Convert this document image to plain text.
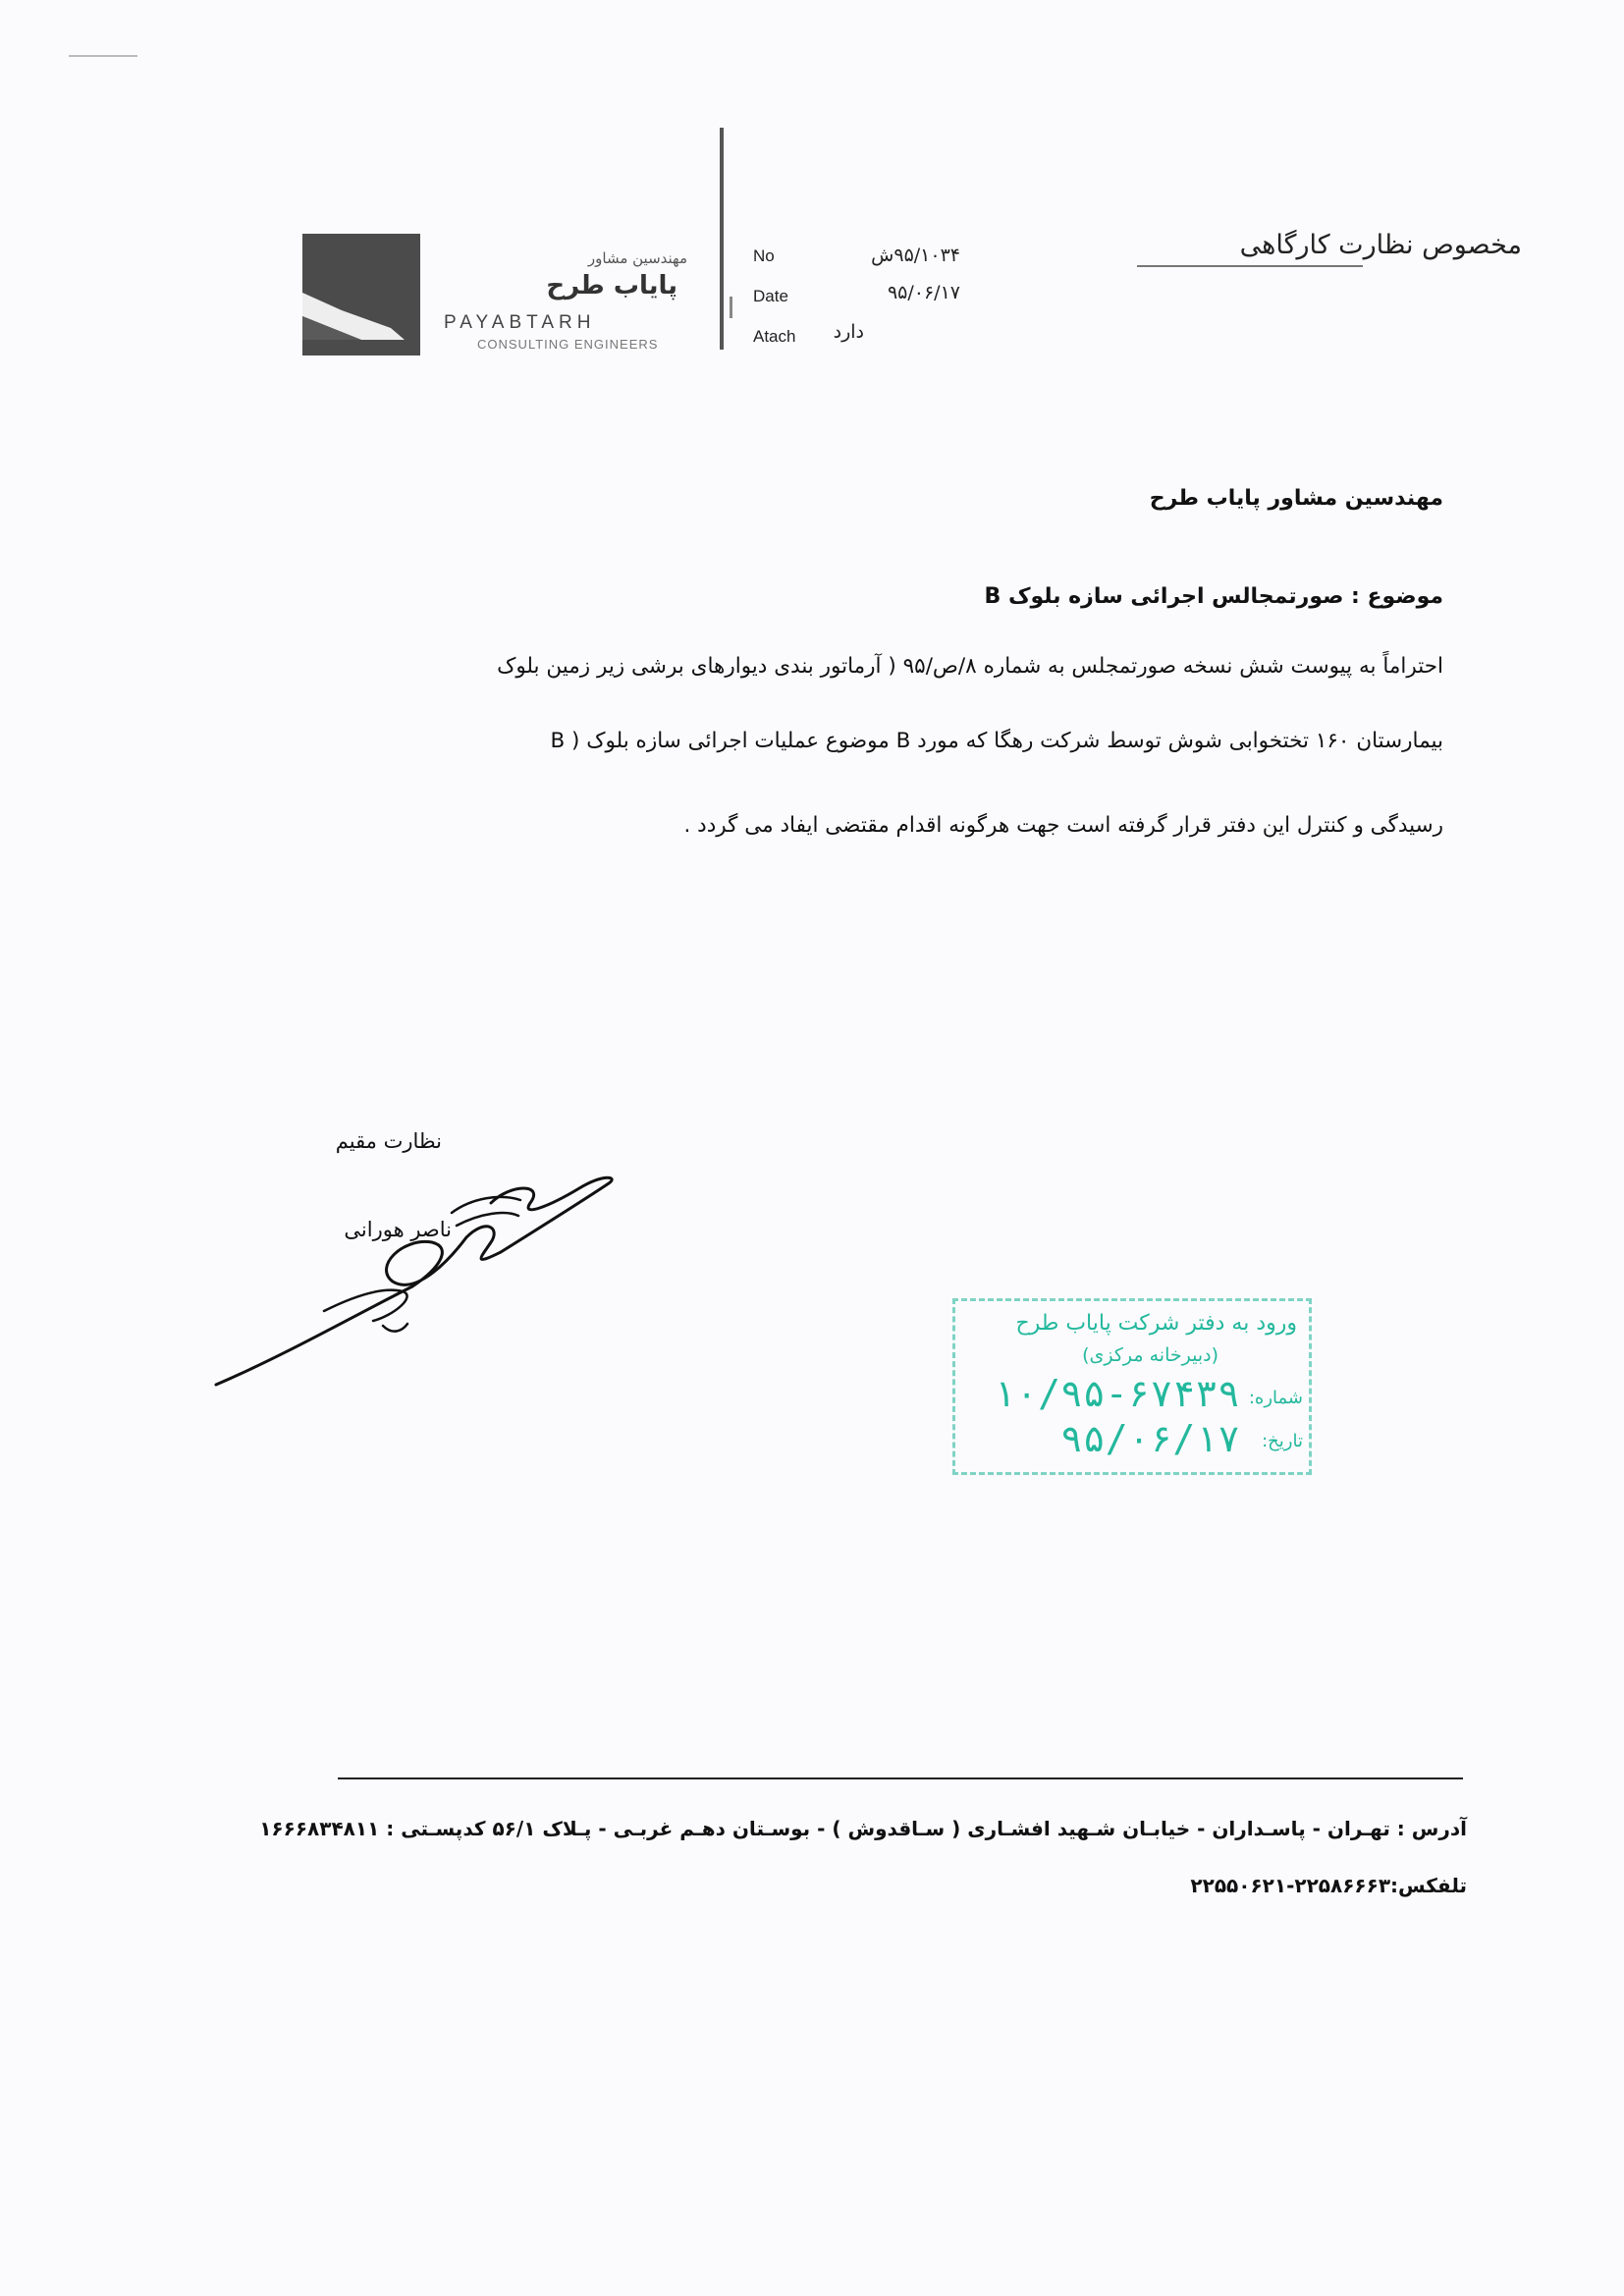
مهندسین مشاور
پایاب طرح
PAYABTARH
CONSULTING ENGINEERS
No	۹۵/۱۰۳۴ش
Date	۹۵/۰۶/۱۷
Atach	دارد
مخصوص نظارت کارگاهی
مهندسین مشاور پایاب طرح
موضوع : صورتمجالس اجرائی سازه بلوک B
احتراماً به پیوست شش نسخه صورتمجلس به شماره ۸/ص/۹۵ ( آرماتور بندی دیوارهای برشی زیر زمین بلوک
B ) موضوع عملیات اجرائی سازه بلوک B بیمارستان ۱۶۰ تختخوابی شوش توسط شرکت رهگا که مورد
رسیدگی و کنترل این دفتر قرار گرفته است جهت هرگونه اقدام مقتضی ایفاد می گردد .
نظارت مقیم
ناصر هورانی
ورود به دفتر شرکت پایاب طرح
(دبیرخانه مرکزی)
شماره:
۱۰/۹۵-۶۷۴۳۹
تاریخ:
۹۵/۰۶/۱۷
آدرس : تهـران - پاسـداران - خیابـان شـهید افشـاری ( سـاقدوش ) - بوسـتان دهـم غربـی - پـلاک ۵۶/۱ کدپسـتی : ۱۶۶۶۸۳۴۸۱۱
تلفکس:۲۲۵۸۶۶۶۳-۲۲۵۵۰۶۲۱
